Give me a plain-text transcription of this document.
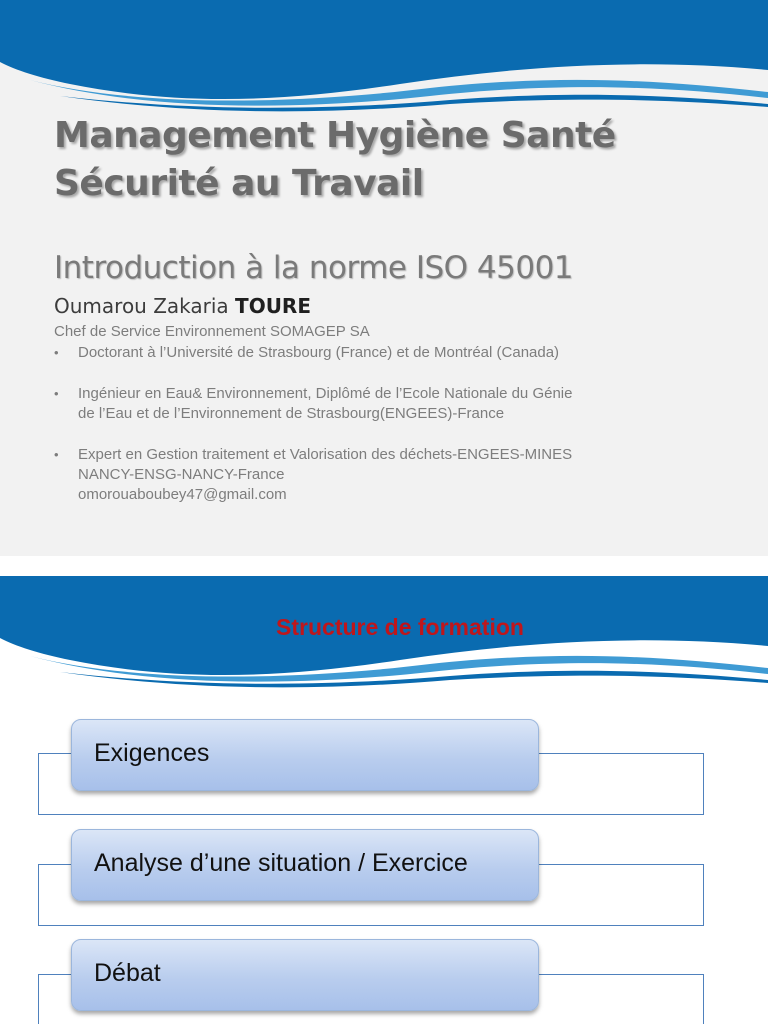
Management Hygiène Santé
Sécurité au Travail
Introduction à la norme ISO 45001
Oumarou Zakaria TOURE
Chef de Service Environnement SOMAGEP SA
• Doctorant à l’Université de Strasbourg (France) et de Montréal (Canada)
• Ingénieur en Eau& Environnement, Diplômé de l’Ecole Nationale du Génie
de l’Eau et de l’Environnement de Strasbourg(ENGEES)-France
• Expert en Gestion traitement et Valorisation des déchets-ENGEES-MINES
NANCY-ENSG-NANCY-France
omorouaboubey47@gmail.com
Structure de formation
Exigences
Analyse d’une situation / Exercice
Débat
